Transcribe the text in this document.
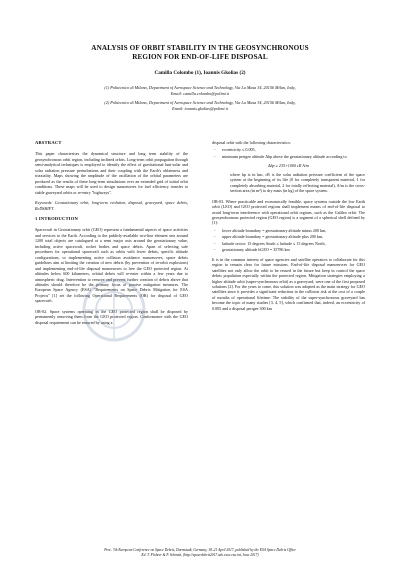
ANALYSIS OF ORBIT STABILITY IN THE GEOSYNCHRONOUS
REGION FOR END-OF-LIFE DISPOSAL
Camilla Colombo (1), Ioannis Gkolias (2)
(1) Politecnico di Milano, Department of Aerospace Science and Technology, Via La Masa 34, 20156 Milan, Italy,
Email: camilla.colombo@polimi.it
(2) Politecnico di Milano, Department of Aerospace Science and Technology, Via La Masa 34, 20156 Milan, Italy,
Email: ioannis.gkolias@polimi.it
ABSTRACT

This paper characterises the dynamical structure and long term stability of the geosynchronous orbit region, including inclined orbits. Long-term orbit propagation through semi-analytical techniques is employed to identify the effect of gravitational luni-solar and solar radiation pressure perturbations and their coupling with the Earth's oblateness and triaxiality. Maps showing the amplitude of the oscillation of the orbital parameters are produced as the results of these long-term simulations over an extended grid of initial orbit conditions. These maps will be used to design manoeuvres for fuel efficiency transfer to stable graveyard orbits or re-entry "highways".

Keywords: Geostationary orbit, long-term evolution, disposal, graveyard, space debris, ReDSHIFT.

1 INTRODUCTION

Spacecraft in Geostationary orbit (GEO) represent a fundamental aspects of space activities and services to the Earth. According to the publicly-available two-line element sets around 1200 total objects are catalogued at a semi major axis around the geostationary value, including active spacecraft, rocket bodies and space debris. Apart of selecting safe procedures for operational spacecraft such as orbits with fewer debris, specific altitude configurations, or implementing active collision avoidance manoeuvres, space debris guidelines aim at limiting the creation of new debris (by prevention of in-orbit explosions) and implementing end-of-life disposal manoeuvres to free the GEO protected region. At altitudes below 600 kilometres, orbital debris will re-enter within a few years due to atmospheric drag. Intervention to remove and prevent further creation of debris above that altitudes should therefore be the primary focus of passive mitigation measures. The European Space Agency (ESA) "Requirements on Space Debris Mitigation for ESA Projects" [1] set the following Operational Requirements (OR) for disposal of GEO spacecraft.

OR-02. Space systems operating in the GEO protected region shall be disposed by permanently removing them from the GEO protected region. Conformance with the GEO disposal requirement can be ensured by using a

disposal orbit with the following characteristics:

- eccentricity ≤ 0.005,
- minimum perigee altitude Δhp above the geostationary altitude according to
Δhp ≥ 235+1000 cR A/m

where hp is in km, cR is the solar radiation pressure coefficient of the space system at the beginning of its life (0 for completely transparent material, 1 for completely absorbing material, 2 for totally reflecting material), A/m is the cross-section area (in m²) to dry mass (in kg) of the space system.

OR-03. Where practicable and economically feasible, space systems outside the low Earth orbit (LEO) and GEO protected regions shall implement means of end-of-life disposal to avoid long-term interference with operational orbit regions, such as the Galileo orbit. The geosynchronous protected region (GEO region) is a segment of a spherical shell defined by [1]:

- lower altitude boundary = geostationary altitude minus 200 km,
- upper altitude boundary = geostationary altitude plus 200 km,
- latitude sector: 15 degrees South ≤ latitude ≤ 15 degrees North,
- geostationary altitude hGEO = 35786 km

It is in the common interest of space agencies and satellite operators to collaborate for this region to remain clear for future missions. End-of-life disposal manoeuvres for GEO satellites not only allow the orbit to be reused in the future but keep in control the space debris population especially within the protected region. Mitigation strategies employing a higher altitude orbit (super-synchronous orbit) as a graveyard, were one of the first proposed solutions [2]. For the years to come, this solution was adopted as the main strategy for GEO satellites since it provides a significant reduction in the collision risk at the cost of a couple of months of operational lifetime. The stability of the super-synchronous graveyard has become the topic of many studies [3, 4, 5], which confirmed that, indeed, an eccentricity of 0.005 and a disposal perigee 300 km

Proc. 7th European Conference on Space Debris, Darmstadt, Germany, 18–21 April 2017, published by the ESA Space Debris Office
Ed. T. Flohrer & F. Schmitz, (http://spacedebris2017.sdo.esoc.esa.int, June 2017)
